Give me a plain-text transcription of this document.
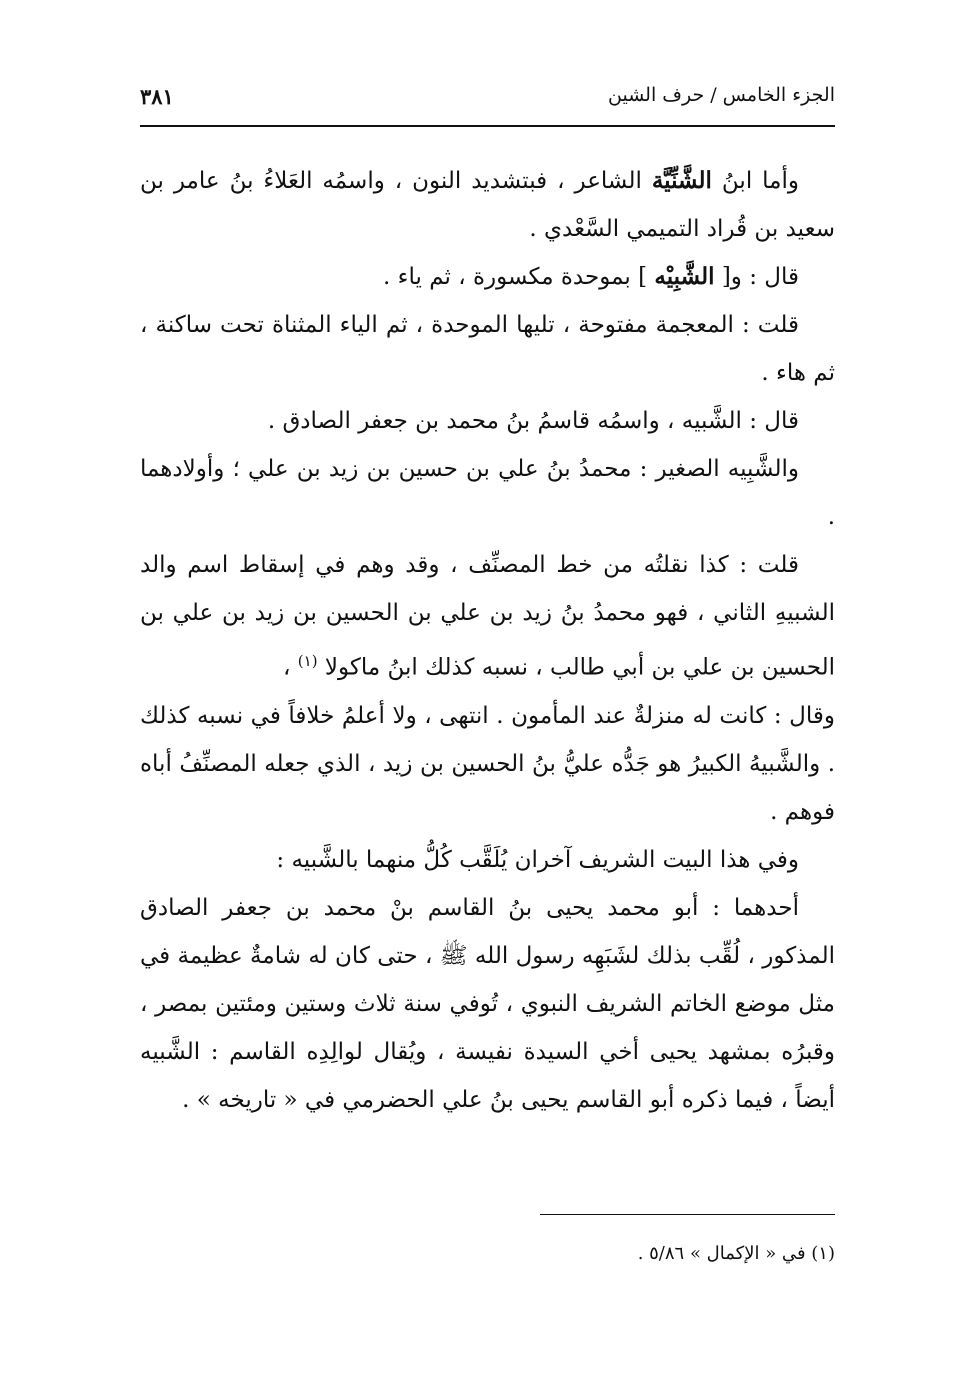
الجزء الخامس / حرف الشين
٣٨١

وأما ابنُ الشَّنِّيَّة الشاعر ، فبتشديد النون ، واسمُه العَلاءُ بنُ عامر بن سعيد بن قُراد التميمي السَّعْدي .

قال : و[ الشَّبِيْه ] بموحدة مكسورة ، ثم ياء .

قلت : المعجمة مفتوحة ، تليها الموحدة ، ثم الياء المثناة تحت ساكنة ، ثم هاء .

قال : الشَّبيه ، واسمُه قاسمُ بنُ محمد بن جعفر الصادق .

والشَّبِيه الصغير : محمدُ بنُ علي بن حسين بن زيد بن علي ؛ وأولادهما .

قلت : كذا نقلتُه من خط المصنِّف ، وقد وهم في إسقاط اسم والد الشبيهِ الثاني ، فهو محمدُ بنُ زيد بن علي بن الحسين بن زيد بن علي بن الحسين بن علي بن أبي طالب ، نسبه كذلك ابنُ ماكولا $^{(١)}$ ،

وقال : كانت له منزلةٌ عند المأمون . انتهى ، ولا أعلمُ خلافاً في نسبه كذلك . والشَّبيهُ الكبيرُ هو جَدُّه عليُّ بنُ الحسين بن زيد ، الذي جعله المصنِّفُ أباه فوهم .

وفي هذا البيت الشريف آخران يُلَقَّب كُلُّ منهما بالشَّبيه :

أحدهما : أبو محمد يحيى بنُ القاسم بنْ محمد بن جعفر الصادق المذكور ، لُقِّب بذلك لشَبَهِه رسول الله ﷺ ، حتى كان له شامةٌ عظيمة في مثل موضع الخاتم الشريف النبوي ، تُوفي سنة ثلاث وستين ومئتين بمصر ، وقبرُه بمشهد يحيى أخي السيدة نفيسة ، ويُقال لوالِدِه القاسم : الشَّبيه أيضاً ، فيما ذكره أبو القاسم يحيى بنُ علي الحضرمي في « تاريخه » .

(١) في « الإكمال » ٥/٨٦ .
